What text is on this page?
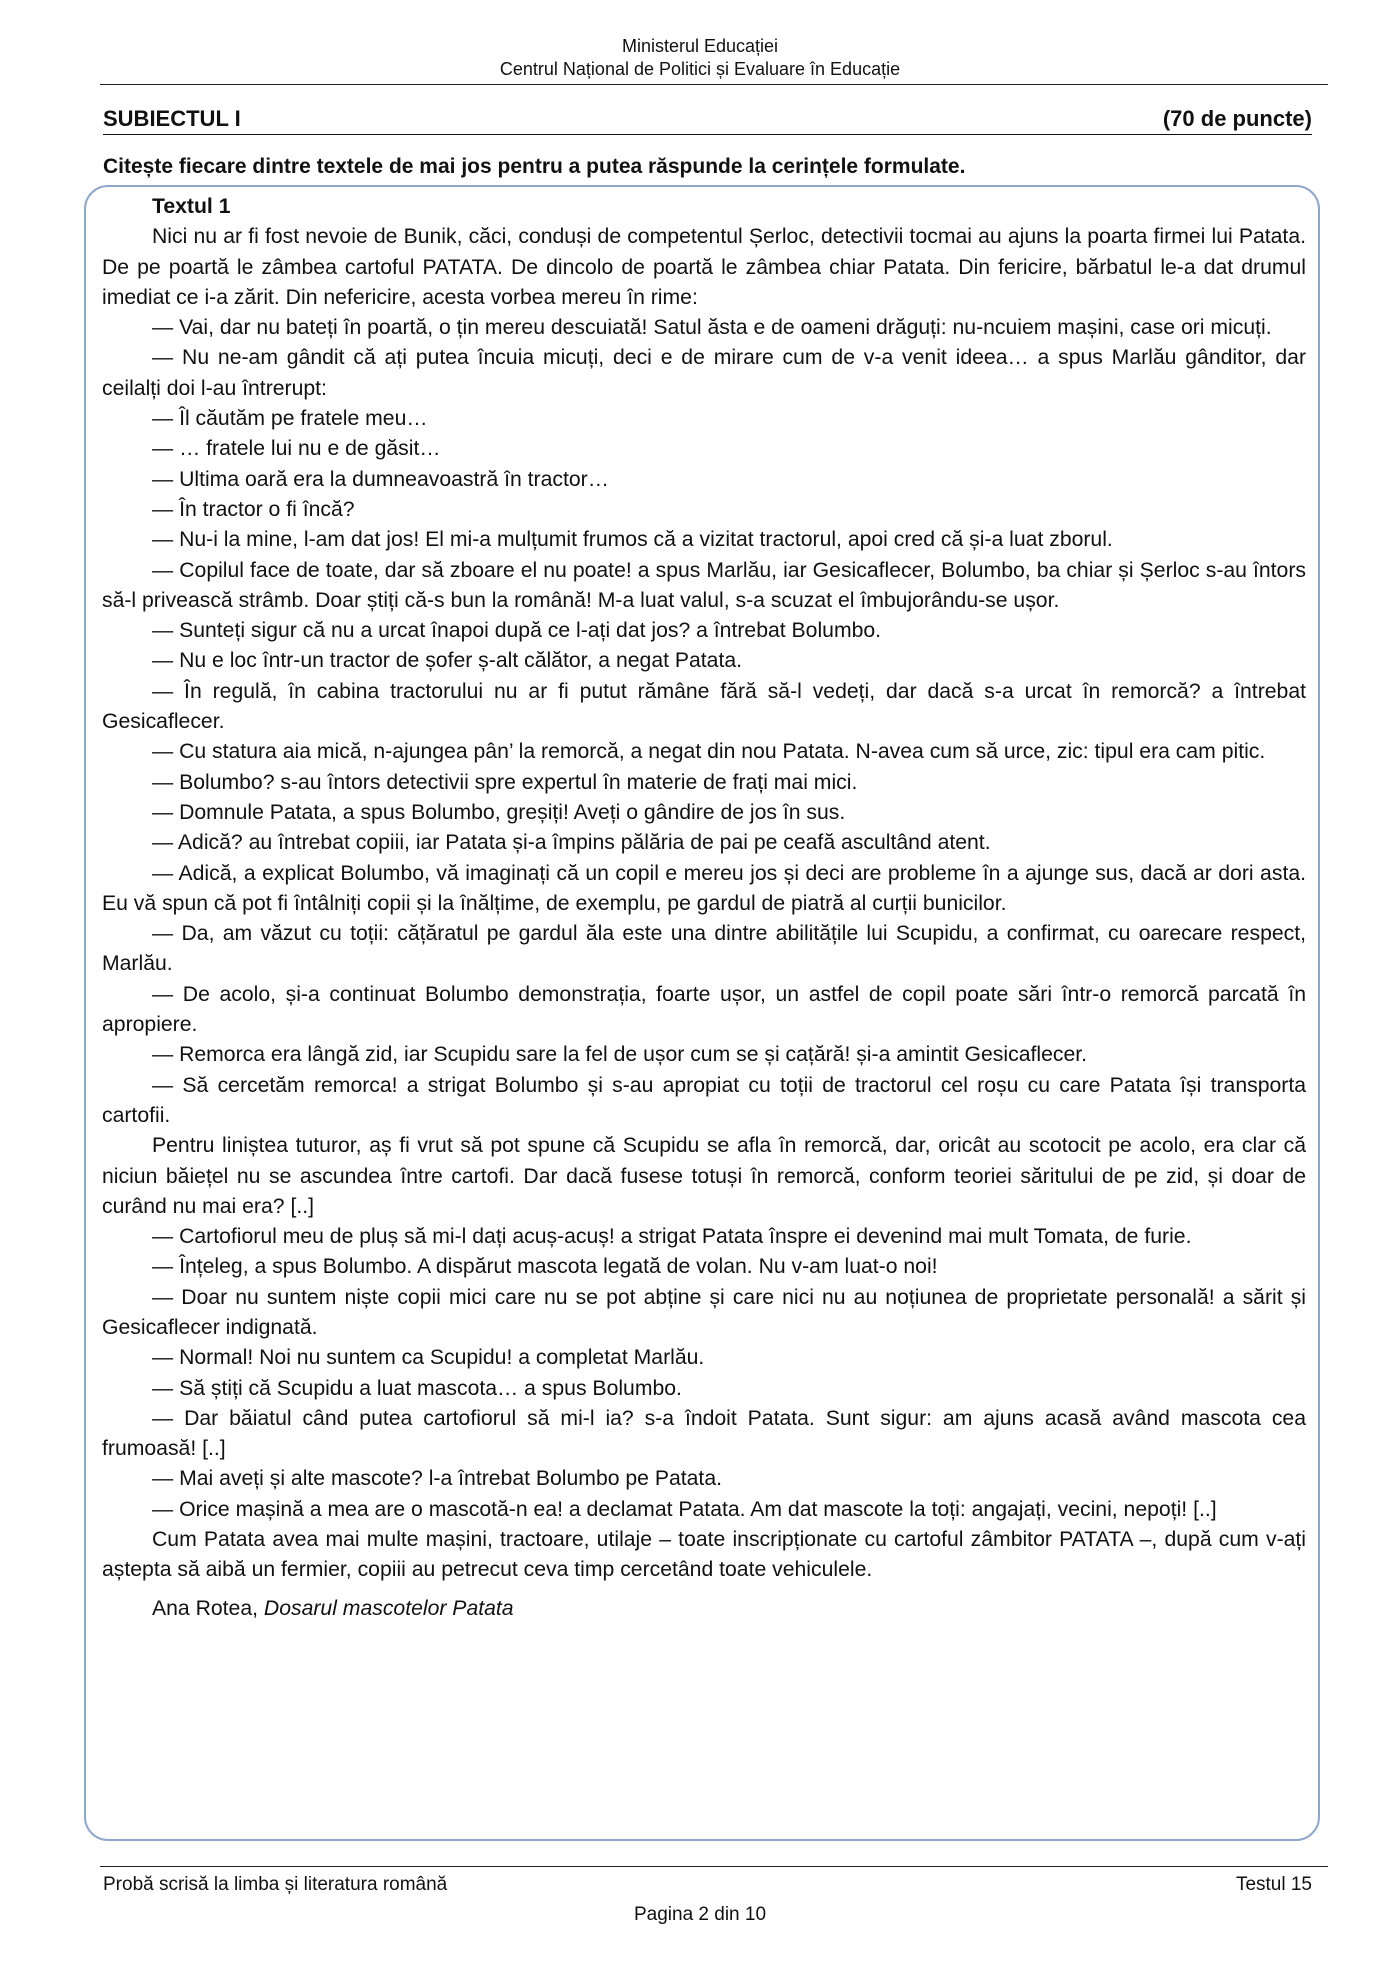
Ministerul Educației
Centrul Național de Politici și Evaluare în Educație
SUBIECTUL I	(70 de puncte)
Citește fiecare dintre textele de mai jos pentru a putea răspunde la cerințele formulate.

Textul 1

Nici nu ar fi fost nevoie de Bunik, căci, conduși de competentul Șerloc, detectivii tocmai au ajuns la poarta firmei lui Patata. De pe poartă le zâmbea cartoful PATATA. De dincolo de poartă le zâmbea chiar Patata. Din fericire, bărbatul le-a dat drumul imediat ce i-a zărit. Din nefericire, acesta vorbea mereu în rime:

— Vai, dar nu bateți în poartă, o țin mereu descuiată! Satul ăsta e de oameni drăguți: nu-ncuiem mașini, case ori micuți.

— Nu ne-am gândit că ați putea încuia micuți, deci e de mirare cum de v-a venit ideea… a spus Marlău gânditor, dar ceilalți doi l-au întrerupt:

— Îl căutăm pe fratele meu…

— … fratele lui nu e de găsit…

— Ultima oară era la dumneavoastră în tractor…

— În tractor o fi încă?

— Nu-i la mine, l-am dat jos! El mi-a mulțumit frumos că a vizitat tractorul, apoi cred că și-a luat zborul.

— Copilul face de toate, dar să zboare el nu poate! a spus Marlău, iar Gesicaflecer, Bolumbo, ba chiar și Șerloc s-au întors să-l privească strâmb. Doar știți că-s bun la română! M-a luat valul, s-a scuzat el îmbujorându-se ușor.

— Sunteți sigur că nu a urcat înapoi după ce l-ați dat jos? a întrebat Bolumbo.

— Nu e loc într-un tractor de șofer ș-alt călător, a negat Patata.

— În regulă, în cabina tractorului nu ar fi putut rămâne fără să-l vedeți, dar dacă s-a urcat în remorcă? a întrebat Gesicaflecer.

— Cu statura aia mică, n-ajungea pân’ la remorcă, a negat din nou Patata. N-avea cum să urce, zic: tipul era cam pitic.

— Bolumbo? s-au întors detectivii spre expertul în materie de frați mai mici.

— Domnule Patata, a spus Bolumbo, greșiți! Aveți o gândire de jos în sus.

— Adică? au întrebat copiii, iar Patata și-a împins pălăria de pai pe ceafă ascultând atent.

— Adică, a explicat Bolumbo, vă imaginați că un copil e mereu jos și deci are probleme în a ajunge sus, dacă ar dori asta. Eu vă spun că pot fi întâlniți copii și la înălțime, de exemplu, pe gardul de piatră al curții bunicilor.

— Da, am văzut cu toții: cățăratul pe gardul ăla este una dintre abilitățile lui Scupidu, a confirmat, cu oarecare respect, Marlău.

— De acolo, și-a continuat Bolumbo demonstrația, foarte ușor, un astfel de copil poate sări într-o remorcă parcată în apropiere.

— Remorca era lângă zid, iar Scupidu sare la fel de ușor cum se și cațără! și-a amintit Gesicaflecer.

— Să cercetăm remorca! a strigat Bolumbo și s-au apropiat cu toții de tractorul cel roșu cu care Patata își transporta cartofii.

Pentru liniștea tuturor, aș fi vrut să pot spune că Scupidu se afla în remorcă, dar, oricât au scotocit pe acolo, era clar că niciun băiețel nu se ascundea între cartofi. Dar dacă fusese totuși în remorcă, conform teoriei săritului de pe zid, și doar de curând nu mai era? [..]

— Cartofiorul meu de pluș să mi-l dați acuș-acuș! a strigat Patata înspre ei devenind mai mult Tomata, de furie.

— Înțeleg, a spus Bolumbo. A dispărut mascota legată de volan. Nu v-am luat-o noi!

— Doar nu suntem niște copii mici care nu se pot abține și care nici nu au noțiunea de proprietate personală! a sărit și Gesicaflecer indignată.

— Normal! Noi nu suntem ca Scupidu! a completat Marlău.

— Să știți că Scupidu a luat mascota… a spus Bolumbo.

— Dar băiatul când putea cartofiorul să mi-l ia? s-a îndoit Patata. Sunt sigur: am ajuns acasă având mascota cea frumoasă! [..]

— Mai aveți și alte mascote? l-a întrebat Bolumbo pe Patata.

— Orice mașină a mea are o mascotă-n ea! a declamat Patata. Am dat mascote la toți: angajați, vecini, nepoți! [..]

Cum Patata avea mai multe mașini, tractoare, utilaje – toate inscripționate cu cartoful zâmbitor PATATA –, după cum v-ați aștepta să aibă un fermier, copiii au petrecut ceva timp cercetând toate vehiculele.

Ana Rotea, Dosarul mascotelor Patata

Probă scrisă la limba și literatura română	Testul 15
Pagina 2 din 10
